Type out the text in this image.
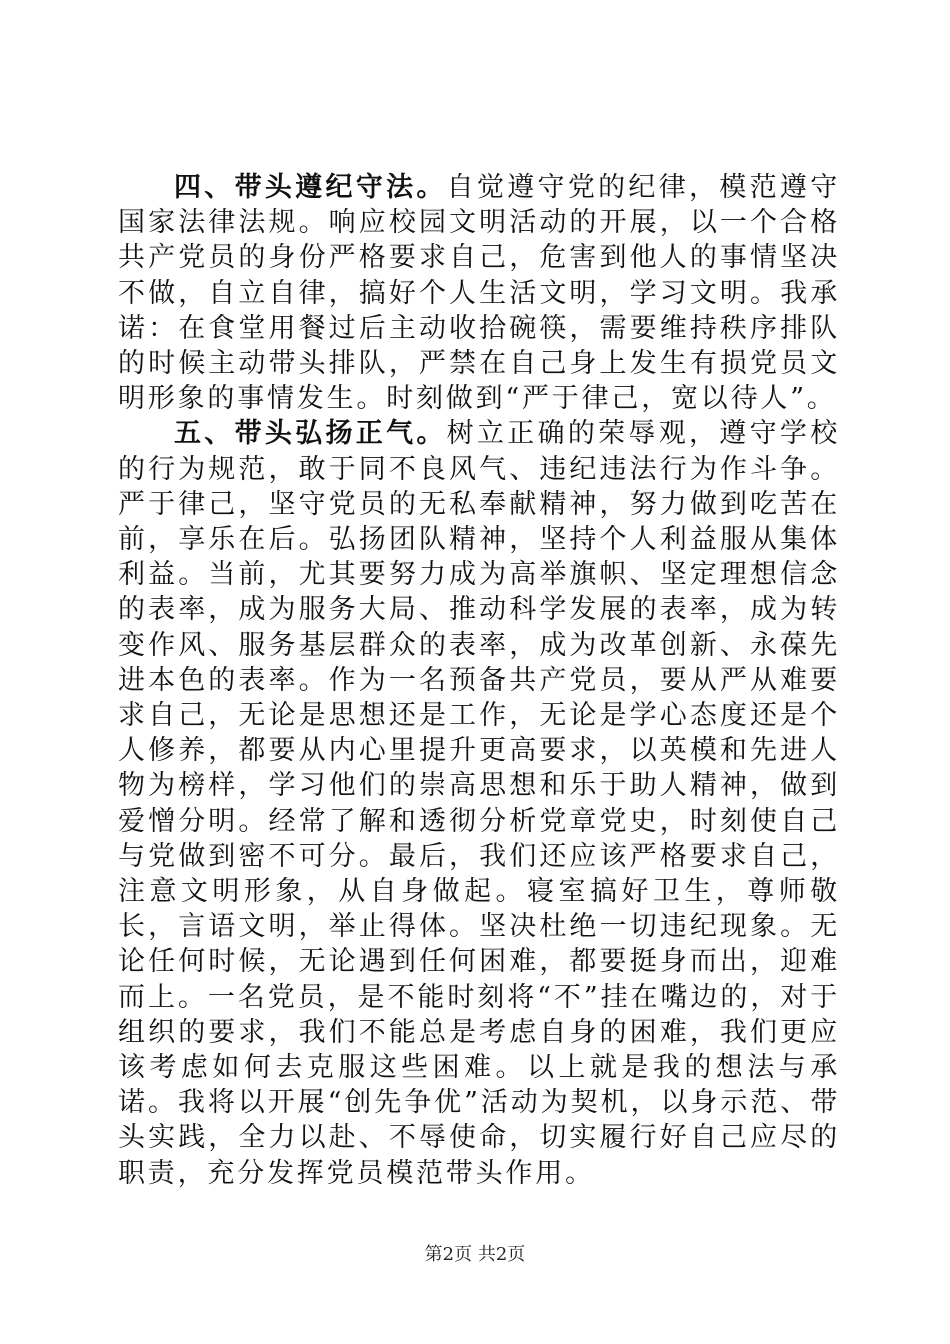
四、带头遵纪守法。自觉遵守党的纪律，模范遵守国家法律法规。响应校园文明活动的开展，以一个合格共产党员的身份严格要求自己，危害到他人的事情坚决不做，自立自律，搞好个人生活文明，学习文明。我承诺：在食堂用餐过后主动收拾碗筷，需要维持秩序排队的时候主动带头排队，严禁在自己身上发生有损党员文明形象的事情发生。时刻做到“严于律己，宽以待人”。

五、带头弘扬正气。树立正确的荣辱观，遵守学校的行为规范，敢于同不良风气、违纪违法行为作斗争。严于律己，坚守党员的无私奉献精神，努力做到吃苦在前，享乐在后。弘扬团队精神，坚持个人利益服从集体利益。当前，尤其要努力成为高举旗帜、坚定理想信念的表率，成为服务大局、推动科学发展的表率，成为转变作风、服务基层群众的表率，成为改革创新、永葆先进本色的表率。作为一名预备共产党员，要从严从难要求自己，无论是思想还是工作，无论是学心态度还是个人修养，都要从内心里提升更高要求，以英模和先进人物为榜样，学习他们的崇高思想和乐于助人精神，做到爱憎分明。经常了解和透彻分析党章党史，时刻使自己与党做到密不可分。最后，我们还应该严格要求自己，注意文明形象，从自身做起。寝室搞好卫生，尊师敬长，言语文明，举止得体。坚决杜绝一切违纪现象。无论任何时候，无论遇到任何困难，都要挺身而出，迎难而上。一名党员，是不能时刻将“不”挂在嘴边的，对于组织的要求，我们不能总是考虑自身的困难，我们更应该考虑如何去克服这些困难。以上就是我的想法与承诺。我将以开展“创先争优”活动为契机，以身示范、带头实践，全力以赴、不辱使命，切实履行好自己应尽的职责，充分发挥党员模范带头作用。

第2页 共2页
